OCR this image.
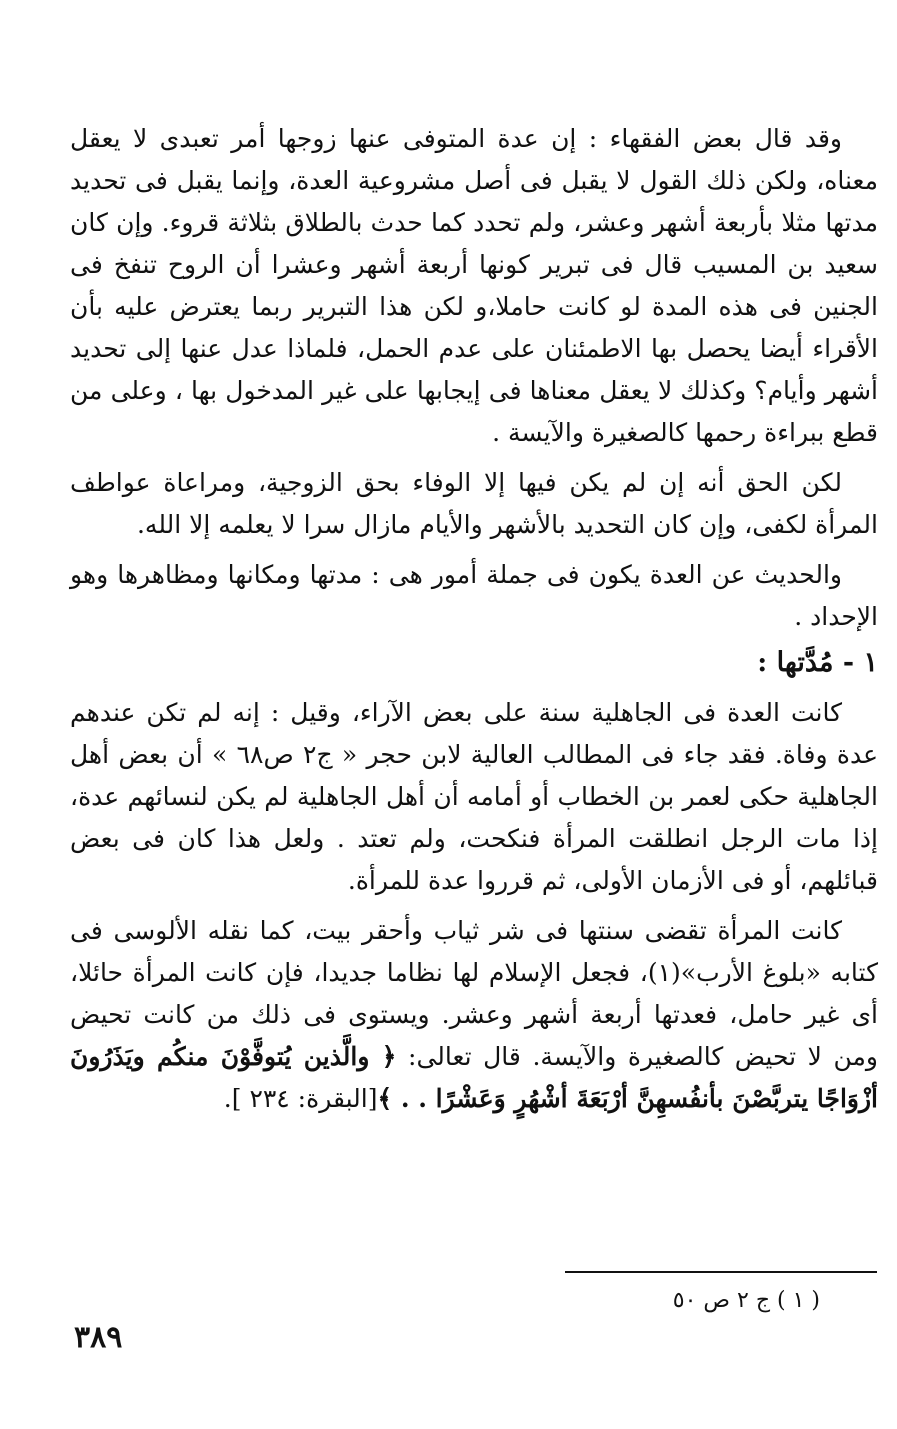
وقد قال بعض الفقهاء : إن عدة المتوفى عنها زوجها أمر تعبدى لا يعقل معناه، ولكن ذلك القول لا يقبل فى أصل مشروعية العدة، وإنما يقبل فى تحديد مدتها مثلا بأربعة أشهر وعشر، ولم تحدد كما حدث بالطلاق بثلاثة قروء. وإن كان سعيد بن المسيب قال فى تبرير كونها أربعة أشهر وعشرا أن الروح تنفخ فى الجنين فى هذه المدة لو كانت حاملا،و لكن هذا التبرير ربما يعترض عليه بأن الأقراء أيضا يحصل بها الاطمئنان على عدم الحمل، فلماذا عدل عنها إلى تحديد أشهر وأيام؟ وكذلك لا يعقل معناها فى إيجابها على غير المدخول بها ، وعلى من قطع ببراءة رحمها كالصغيرة والآيسة .

لكن الحق أنه إن لم يكن فيها إلا الوفاء بحق الزوجية، ومراعاة عواطف المرأة لكفى، وإن كان التحديد بالأشهر والأيام مازال سرا لا يعلمه إلا الله.

والحديث عن العدة يكون فى جملة أمور هى : مدتها ومكانها ومظاهرها وهو الإحداد .

١ - مُدَّتها :

كانت العدة فى الجاهلية سنة على بعض الآراء، وقيل : إنه لم تكن عندهم عدة وفاة. فقد جاء فى المطالب العالية لابن حجر « ج٢ ص٦٨ » أن بعض أهل الجاهلية حكى لعمر بن الخطاب أو أمامه أن أهل الجاهلية لم يكن لنسائهم عدة، إذا مات الرجل انطلقت المرأة فنكحت، ولم تعتد . ولعل هذا كان فى بعض قبائلهم، أو فى الأزمان الأولى، ثم قرروا عدة للمرأة.

كانت المرأة تقضى سنتها فى شر ثياب وأحقر بيت، كما نقله الألوسى فى كتابه «بلوغ الأرب»(١)، فجعل الإسلام لها نظاما جديدا، فإن كانت المرأة حائلا، أى غير حامل، فعدتها أربعة أشهر وعشر. ويستوى فى ذلك من كانت تحيض ومن لا تحيض كالصغيرة والآيسة. قال تعالى: ﴿ والَّذين يُتوفَّوْنَ منكُم ويَذَرُونَ أزْوَاجًا يتربَّصْنَ بأنفُسهِنَّ أرْبَعَةَ أشْهُرٍ وَعَشْرًا . . ﴾[البقرة: ٢٣٤ ].

( ١ ) ج ٢ ص ٥٠
٣٨٩
